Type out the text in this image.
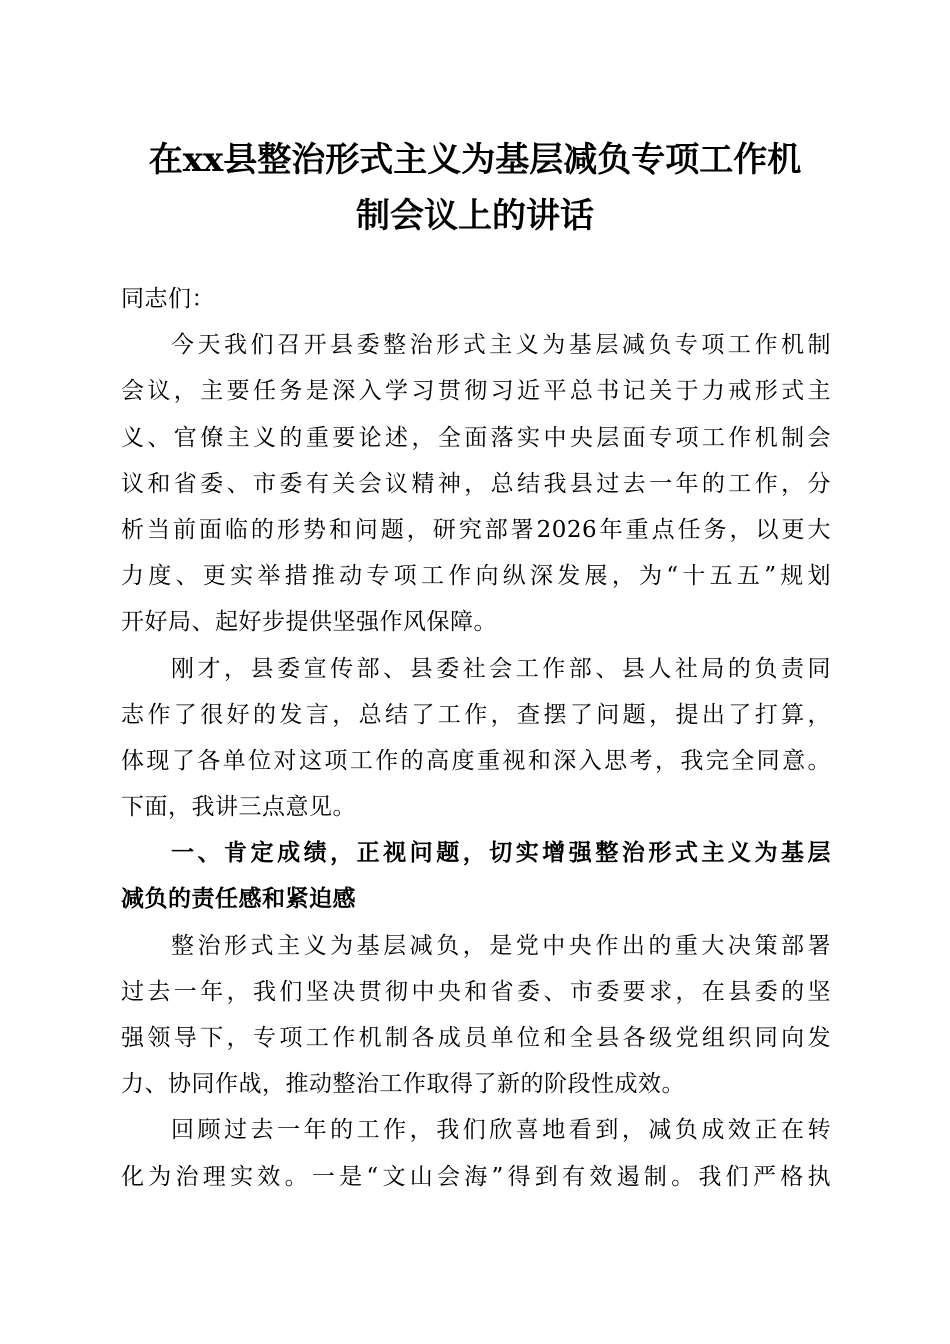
在xx县整治形式主义为基层减负专项工作机
制会议上的讲话
同志们：
今天我们召开县委整治形式主义为基层减负专项工作机制
会议，主要任务是深入学习贯彻习近平总书记关于力戒形式主
义、官僚主义的重要论述，全面落实中央层面专项工作机制会
议和省委、市委有关会议精神，总结我县过去一年的工作，分
析当前面临的形势和问题，研究部署2026年重点任务，以更大
力度、更实举措推动专项工作向纵深发展，为“十五五”规划
开好局、起好步提供坚强作风保障。
刚才，县委宣传部、县委社会工作部、县人社局的负责同
志作了很好的发言，总结了工作，查摆了问题，提出了打算，
体现了各单位对这项工作的高度重视和深入思考，我完全同意。
下面，我讲三点意见。
一、肯定成绩，正视问题，切实增强整治形式主义为基层
减负的责任感和紧迫感
整治形式主义为基层减负，是党中央作出的重大决策部署
过去一年，我们坚决贯彻中央和省委、市委要求，在县委的坚
强领导下，专项工作机制各成员单位和全县各级党组织同向发
力、协同作战，推动整治工作取得了新的阶段性成效。
回顾过去一年的工作，我们欣喜地看到，减负成效正在转
化为治理实效。一是“文山会海”得到有效遏制。我们严格执
